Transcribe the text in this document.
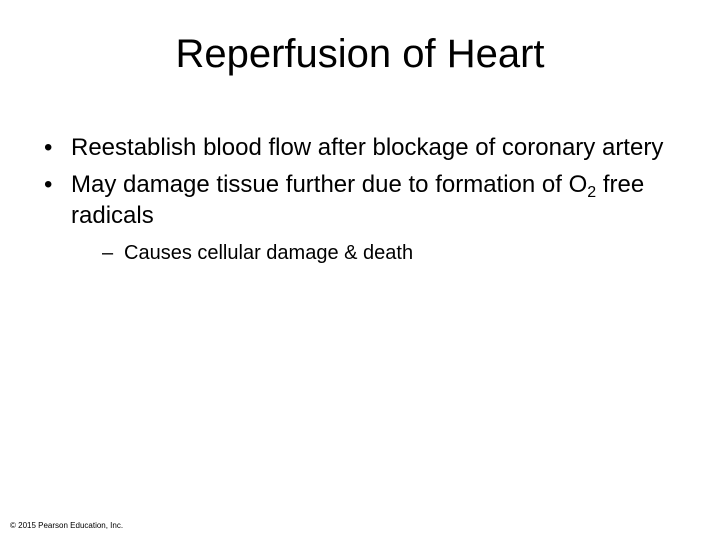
Reperfusion of Heart
• Reestablish blood flow after blockage of coronary artery
• May damage tissue further due to formation of $O_2$ free radicals
– Causes cellular damage & death
© 2015 Pearson Education, Inc.
